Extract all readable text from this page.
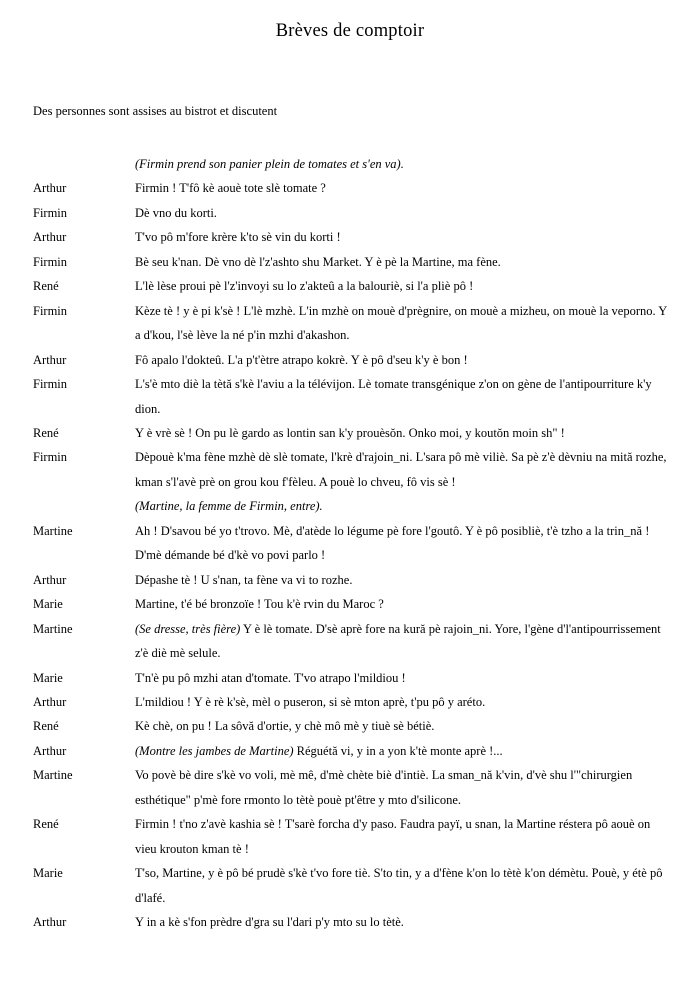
Brèves de comptoir
Des personnes sont assises au bistrot et discutent
(Firmin prend son panier plein de tomates et s'en va).
Arthur	Firmin ! T'fô kè aouè tote slè tomate ?
Firmin	Dè vno du korti.
Arthur	T'vo pô m'fore krère k'to sè vin du korti !
Firmin	Bè seu k'nan. Dè vno dè l'z'ashto shu Market. Y è pè la Martine, ma fène.
René	L'lè lèse proui pè l'z'invoyi su lo z'akteû a la balouriè, si l'a pliè pô !
Firmin	Kèze tè ! y è pi k'sè ! L'lè mzhè. L'in mzhè on mouè d'prègnire, on mouè a mizheu, on mouè la veporno. Y a d'kou, l'sè lève la né p'in mzhi d'akashon.
Arthur	Fô apalo l'dokteû. L'a p't'ètre atrapo kokrè. Y è pô d'seu k'y è bon !
Firmin	L's'è mto diè la tètă s'kè l'aviu a la télévijon. Lè tomate transgénique z'on on gène de l'antipourriture k'y dion.
René	Y è vrè sè ! On pu lè gardo as lontin san k'y prouèsŏn. Onko moi, y koutŏn moin sh" !
Firmin	Dèpouè k'ma fène mzhè dè slè tomate, l'krè d'rajoin_ni. L'sara pô mè viliè. Sa pè z'è dèvniu na mită rozhe, kman s'l'avè prè on grou kou f'fèleu. A pouè lo chveu, fô vis sè !
(Martine, la femme de Firmin, entre).
Martine	Ah ! D'savou bé yo t'trovo. Mè, d'atède lo légume pè fore l'goutô. Y è pô posibliè, t'è tzho a la trin_nă ! D'mè démande bé d'kè vo povi parlo !
Arthur	Dépashe tè ! U s'nan, ta fène va vi to rozhe.
Marie	Martine, t'é bé bronzoïe ! Tou k'è rvin du Maroc ?
Martine	(Se dresse, très fière) Y è lè tomate. D'sè aprè fore na kură pè rajoin_ni. Yore, l'gène d'l'antipourrissement z'è diè mè selule.
Marie	T'n'è pu pô mzhi atan d'tomate. T'vo atrapo l'mildiou !
Arthur	L'mildiou ! Y è rè k'sè, mèl o puseron, si sè mton aprè, t'pu pô y aréto.
René	Kè chè, on pu ! La sôvă d'ortie, y chè mô mè y tiuè sè bétiè.
Arthur	(Montre les jambes de Martine) Réguétă vi, y in a yon k'tè monte aprè !...
Martine	Vo povè bè dire s'kè vo voli, mè mê, d'mè chète biè d'intiè. La sman_nă k'vin, d'vè shu l'"chirurgien esthétique" p'mè fore rmonto lo tètè pouè pt'être y mto d'silicone.
René	Firmin ! t'no z'avè kashia sè ! T'sarè forcha d'y paso. Faudra payï, u snan, la Martine réstera pô aouè on vieu krouton kman tè !
Marie	T'so, Martine, y è pô bé prudè s'kè t'vo fore tiè. S'to tin, y a d'fène k'on lo tètè k'on démètu. Pouè, y étè pô d'lafé.
Arthur	Y in a kè s'fon prèdre d'gra su l'dari p'y mto su lo tètè.
